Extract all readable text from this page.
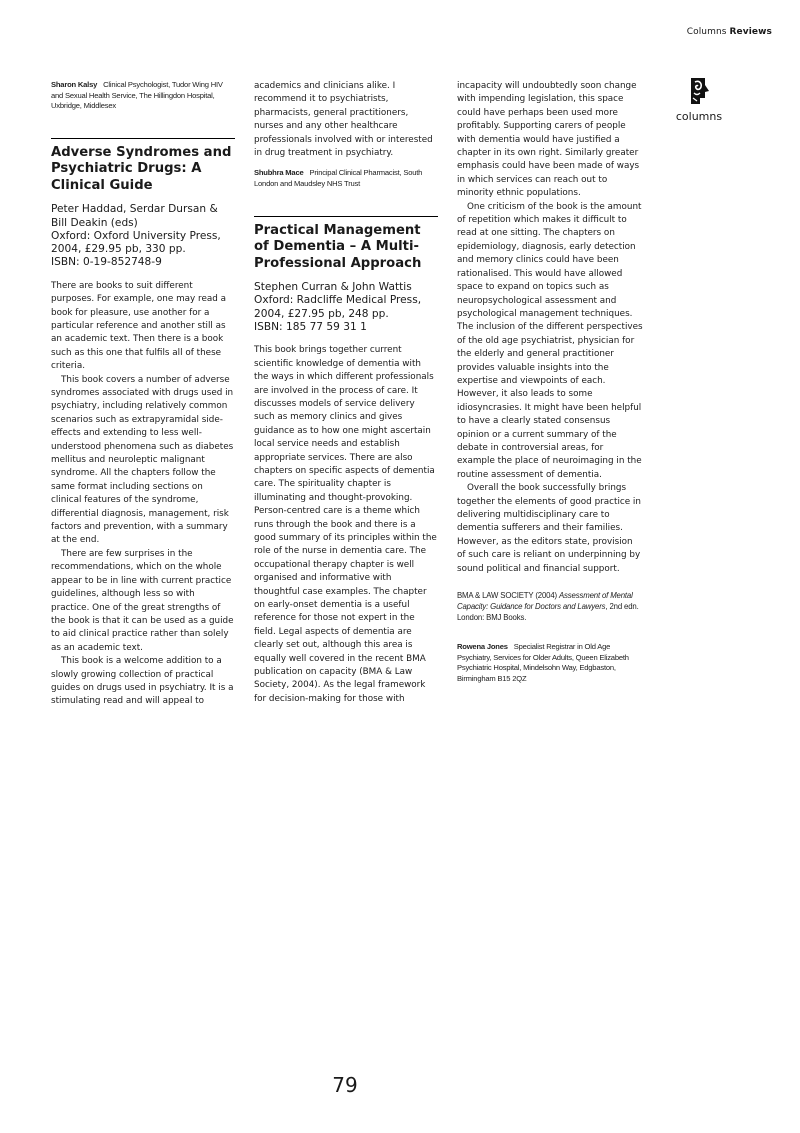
Columns Reviews
Sharon Kalsy Clinical Psychologist, Tudor Wing HIV and Sexual Health Service, The Hillingdon Hospital, Uxbridge, Middlesex
Adverse Syndromes and Psychiatric Drugs: A Clinical Guide
Peter Haddad, Serdar Dursan & Bill Deakin (eds)
Oxford: Oxford University Press,
2004, £29.95 pb, 330 pp.
ISBN: 0-19-852748-9

There are books to suit different purposes. For example, one may read a book for pleasure, use another for a particular reference and another still as an academic text. Then there is a book such as this one that fulfils all of these criteria.

This book covers a number of adverse syndromes associated with drugs used in psychiatry, including relatively common scenarios such as extrapyramidal side-effects and extending to less well-understood phenomena such as diabetes mellitus and neuroleptic malignant syndrome. All the chapters follow the same format including sections on clinical features of the syndrome, differential diagnosis, management, risk factors and prevention, with a summary at the end.

There are few surprises in the recommendations, which on the whole appear to be in line with current practice guidelines, although less so with practice. One of the great strengths of the book is that it can be used as a guide to aid clinical practice rather than solely as an academic text.

This book is a welcome addition to a slowly growing collection of practical guides on drugs used in psychiatry. It is a stimulating read and will appeal to

academics and clinicians alike. I recommend it to psychiatrists, pharmacists, general practitioners, nurses and any other healthcare professionals involved with or interested in drug treatment in psychiatry.

Shubhra Mace Principal Clinical Pharmacist, South London and Maudsley NHS Trust
Practical Management of Dementia – A Multi-Professional Approach
Stephen Curran & John Wattis
Oxford: Radcliffe Medical Press,
2004, £27.95 pb, 248 pp.
ISBN: 185 77 59 31 1

This book brings together current scientific knowledge of dementia with the ways in which different professionals are involved in the process of care. It discusses models of service delivery such as memory clinics and gives guidance as to how one might ascertain local service needs and establish appropriate services. There are also chapters on specific aspects of dementia care. The spirituality chapter is illuminating and thought-provoking. Person-centred care is a theme which runs through the book and there is a good summary of its principles within the role of the nurse in dementia care. The occupational therapy chapter is well organised and informative with thoughtful case examples. The chapter on early-onset dementia is a useful reference for those not expert in the field. Legal aspects of dementia are clearly set out, although this area is equally well covered in the recent BMA publication on capacity (BMA & Law Society, 2004). As the legal framework for decision-making for those with

incapacity will undoubtedly soon change with impending legislation, this space could have perhaps been used more profitably. Supporting carers of people with dementia would have justified a chapter in its own right. Similarly greater emphasis could have been made of ways in which services can reach out to minority ethnic populations.

One criticism of the book is the amount of repetition which makes it difficult to read at one sitting. The chapters on epidemiology, diagnosis, early detection and memory clinics could have been rationalised. This would have allowed space to expand on topics such as neuropsychological assessment and psychological management techniques. The inclusion of the different perspectives of the old age psychiatrist, physician for the elderly and general practitioner provides valuable insights into the expertise and viewpoints of each. However, it also leads to some idiosyncrasies. It might have been helpful to have a clearly stated consensus opinion or a current summary of the debate in controversial areas, for example the place of neuroimaging in the routine assessment of dementia.

Overall the book successfully brings together the elements of good practice in delivering multidisciplinary care to dementia sufferers and their families. However, as the editors state, provision of such care is reliant on underpinning by sound political and financial support.

BMA & LAW SOCIETY (2004) Assessment of Mental Capacity: Guidance for Doctors and Lawyers, 2nd edn. London: BMJ Books.
Rowena Jones Specialist Registrar in Old Age Psychiatry, Services for Older Adults, Queen Elizabeth Psychiatric Hospital, Mindelsohn Way, Edgbaston, Birmingham B15 2QZ
columns
79
